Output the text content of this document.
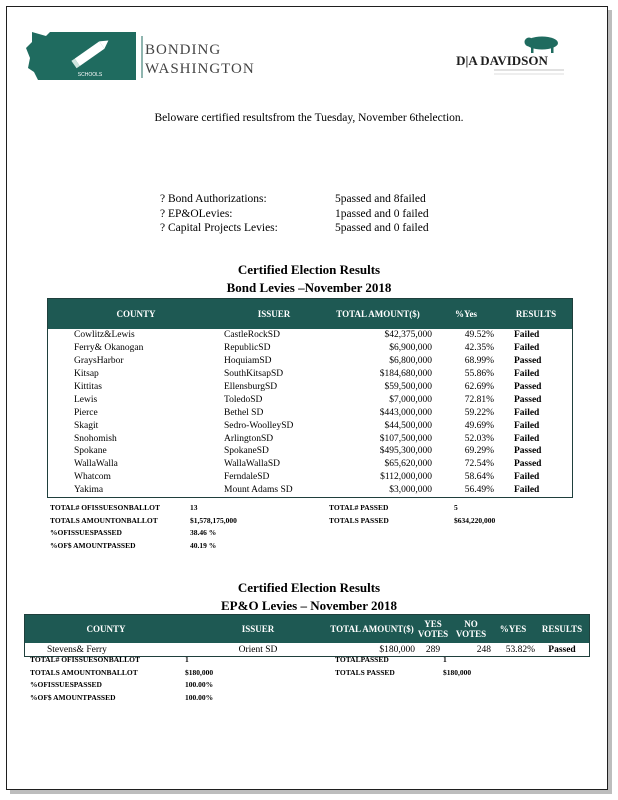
SCHOOLS
BONDING
WASHINGTON
D|A DAVIDSON
Beloware certified resultsfrom the Tuesday, November 6thelection.
? Bond Authorizations:	5passed and 8failed
? EP&OLevies:	1passed and 0 failed
? Capital Projects Levies:	5passed and 0 failed
Certified Election Results
Bond Levies –November 2018
COUNTY	ISSUER	TOTAL AMOUNT($)	%Yes	RESULTS
Cowlitz&Lewis	CastleRockSD	$42,375,000	49.52%	Failed
Ferry& Okanogan	RepublicSD	$6,900,000	42.35%	Failed
GraysHarbor	HoquiamSD	$6,800,000	68.99%	Passed
Kitsap	SouthKitsapSD	$184,680,000	55.86%	Failed
Kittitas	EllensburgSD	$59,500,000	62.69%	Passed
Lewis	ToledoSD	$7,000,000	72.81%	Passed
Pierce	Bethel SD	$443,000,000	59.22%	Failed
Skagit	Sedro-WoolleySD	$44,500,000	49.69%	Failed
Snohomish	ArlingtonSD	$107,500,000	52.03%	Failed
Spokane	SpokaneSD	$495,300,000	69.29%	Passed
WallaWalla	WallaWallaSD	$65,620,000	72.54%	Passed
Whatcom	FerndaleSD	$112,000,000	58.64%	Failed
Yakima	Mount Adams SD	$3,000,000	56.49%	Failed
TOTAL# OFISSUESONBALLOT	13
TOTALS AMOUNTONBALLOT	$1,578,175,000
%OFISSUESPASSED	38.46 %
%OF$ AMOUNTPASSED	40.19 %
TOTAL# PASSED	5
TOTALS PASSED	$634,220,000
Certified Election Results
EP&O Levies – November 2018
COUNTY	ISSUER	TOTAL AMOUNT($)	YES VOTES	NO VOTES	%YES	RESULTS
Stevens& Ferry	Orient SD	$180,000	289	248	53.82%	Passed
TOTAL# OFISSUESONBALLOT	1
TOTALS AMOUNTONBALLOT	$180,000
%OFISSUESPASSED	100.00%
%OF$ AMOUNTPASSED	100.00%
TOTALPASSED	1
TOTALS PASSED	$180,000
